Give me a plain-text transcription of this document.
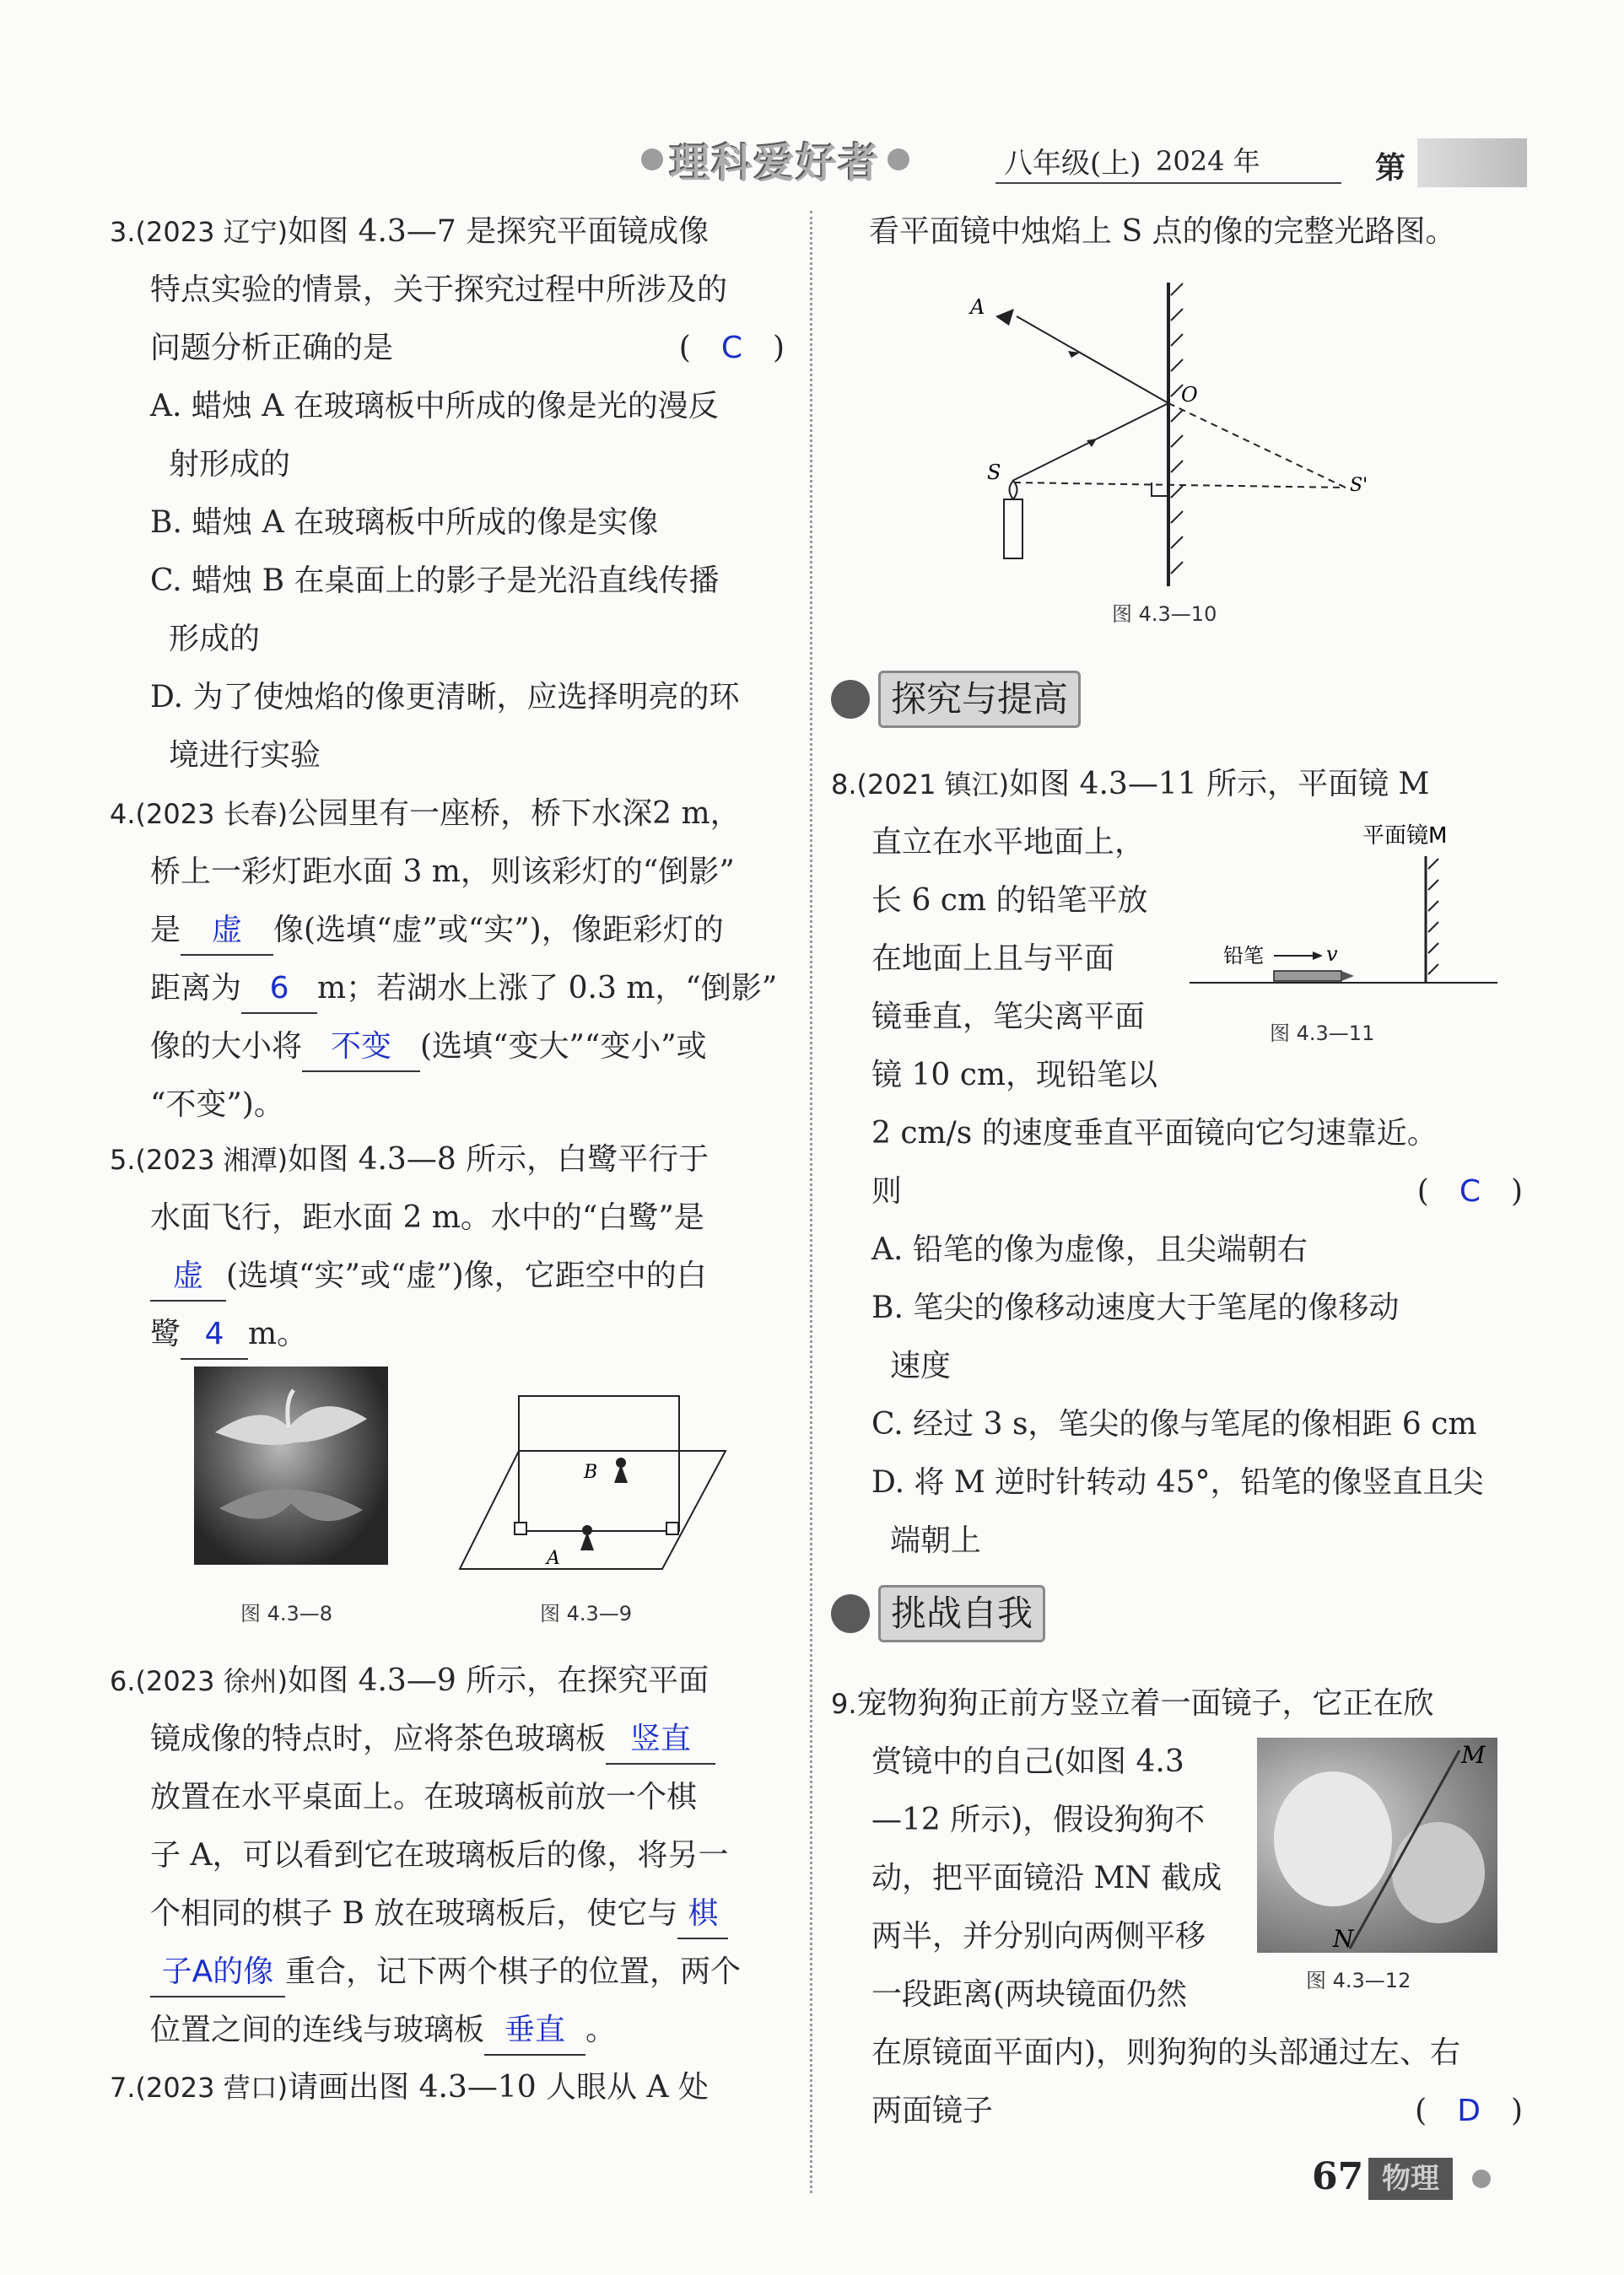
理科爱好者	八年级(上) 2024 年	第
3.(2023 辽宁)如图 4.3—7 是探究平面镜成像
特点实验的情景，关于探究过程中所涉及的
问题分析正确的是	(　C　)
A. 蜡烛 A 在玻璃板中所成的像是光的漫反
射形成的
B. 蜡烛 A 在玻璃板中所成的像是实像
C. 蜡烛 B 在桌面上的影子是光沿直线传播
形成的
D. 为了使烛焰的像更清晰，应选择明亮的环
境进行实验
4.(2023 长春)公园里有一座桥，桥下水深2 m，
桥上一彩灯距水面 3 m，则该彩灯的“倒影”
是 虚 像(选填“虚”或“实”)，像距彩灯的
距离为 6 m；若湖水上涨了 0.3 m，“倒影”
像的大小将 不变 (选填“变大”“变小”或
“不变”)。
5.(2023 湘潭)如图 4.3—8 所示，白鹭平行于
水面飞行，距水面 2 m。水中的“白鹭”是
虚 (选填“实”或“虚”)像，它距空中的白
鹭 4 m。
图 4.3—8
B
A
图 4.3—9
6.(2023 徐州)如图 4.3—9 所示，在探究平面
镜成像的特点时，应将茶色玻璃板 竖直
放置在水平桌面上。在玻璃板前放一个棋
子 A，可以看到它在玻璃板后的像，将另一
个相同的棋子 B 放在玻璃板后，使它与 棋
子A的像 重合，记下两个棋子的位置，两个
位置之间的连线与玻璃板 垂直 。
7.(2023 营口)请画出图 4.3—10 人眼从 A 处
看平面镜中烛焰上 S 点的像的完整光路图。
A
O
S
S'
图 4.3—10
探究与提高
8.(2021 镇江)如图 4.3—11 所示，平面镜 M
直立在水平地面上，
长 6 cm 的铅笔平放
在地面上且与平面
镜垂直，笔尖离平面
镜 10 cm，现铅笔以
2 cm/s 的速度垂直平面镜向它匀速靠近。
则	(　C　)
A. 铅笔的像为虚像，且尖端朝右
B. 笔尖的像移动速度大于笔尾的像移动
速度
C. 经过 3 s，笔尖的像与笔尾的像相距 6 cm
D. 将 M 逆时针转动 45°，铅笔的像竖直且尖
端朝上
平面镜M
铅笔	v
图 4.3—11
挑战自我
9.宠物狗狗正前方竖立着一面镜子，它正在欣
赏镜中的自己(如图 4.3
—12 所示)，假设狗狗不
动，把平面镜沿 MN 截成
两半，并分别向两侧平移
一段距离(两块镜面仍然
在原镜面平面内)，则狗狗的头部通过左、右
两面镜子	(　D　)
M
N
图 4.3—12
67 物理
